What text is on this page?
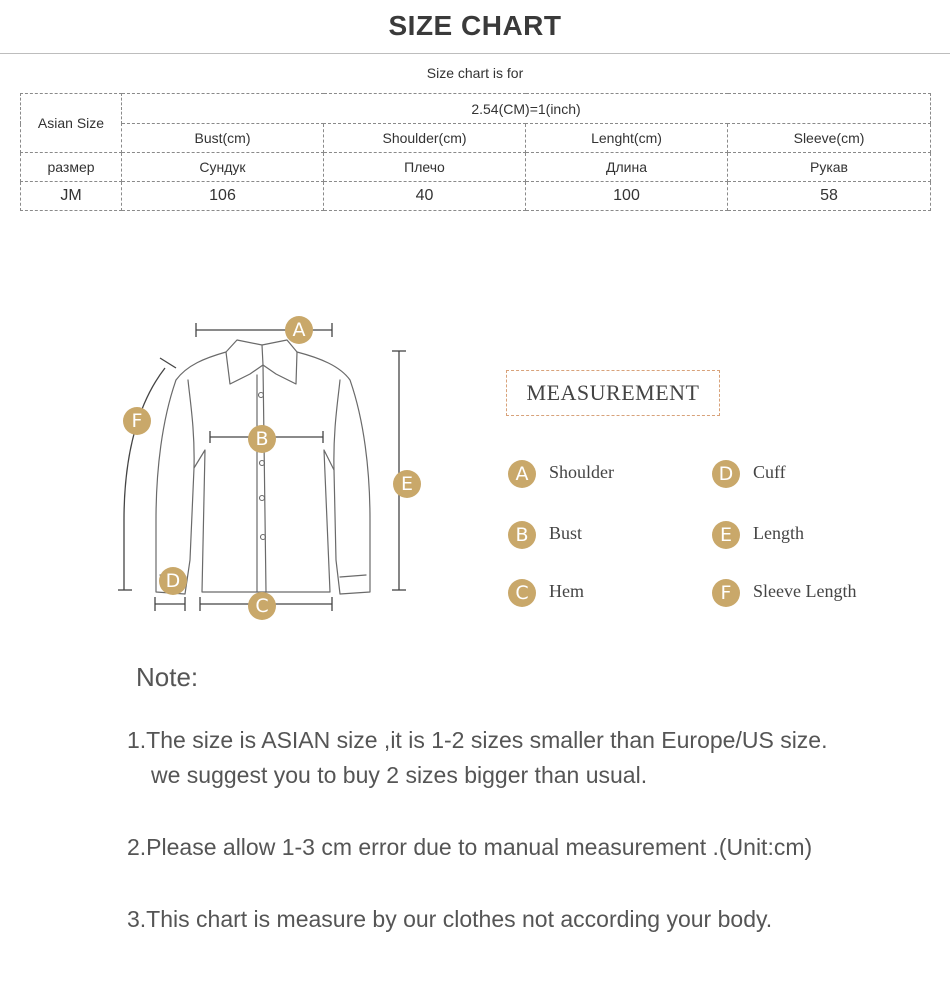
SIZE CHART
Size chart is for
Asian Size	2.54(CM)=1(inch)			
	Bust(cm)	Shoulder(cm)	Lenght(cm)	Sleeve(cm)
размер	Сундук	Плечо	Длина	Рукав
JM	106	40	100	58
A
B
C
D
E
F
MEASUREMENT
A	Shoulder	D	Cuff
B	Bust	E	Length
C	Hem	F	Sleeve Length
Note:
1.The size is ASIAN size ,it is 1-2 sizes smaller than Europe/US size.
we suggest you to buy 2 sizes bigger than usual.
2.Please allow 1-3 cm error due to manual measurement .(Unit:cm)
3.This chart is measure by our clothes not according your body.
